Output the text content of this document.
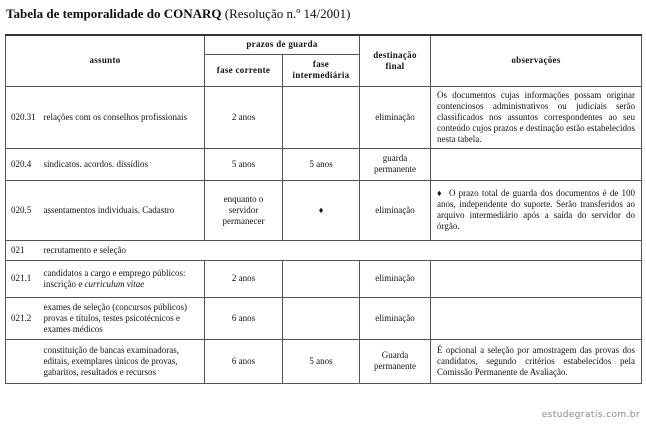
Tabela de temporalidade do CONARQ (Resolução n.º 14/2001)
assunto		prazos de guarda		destinação final	observações
		fase corrente	fase intermediária		
020.31	relações com os conselhos profissionais	2 anos		eliminação	Os documentos cujas informações possam originar contenciosos administrativos ou judiciais serão classificados nos assuntos correspondentes ao seu conteúdo cujos prazos e destinação estão estabelecidos nesta tabela.
020.4	sindicatos. acordos. dissídios	5 anos	5 anos	guarda permanente	
020.5	assentamentos individuais. Cadastro	enquanto o servidor permanecer	♦	eliminação	♦ O prazo total de guarda dos documentos é de 100 anos, independente do suporte. Serão transferidos ao arquivo intermediário após a saída do servidor do órgão.
021	recrutamento e seleção				
021.1	candidatos a cargo e emprego públicos: inscrição e curriculum vitae	2 anos		eliminação	
021.2	exames de seleção (concursos públicos) provas e títulos, testes psicotécnicos e exames médicos	6 anos		eliminação	
	constituição de bancas examinadoras, editais, exemplares únicos de provas, gabaritos, resultados e recursos	6 anos	5 anos	Guarda permanente	É opcional a seleção por amostragem das provas dos candidatos, segundo critérios estabelecidos pela Comissão Permanente de Avaliação.
estudegratis.com.br
